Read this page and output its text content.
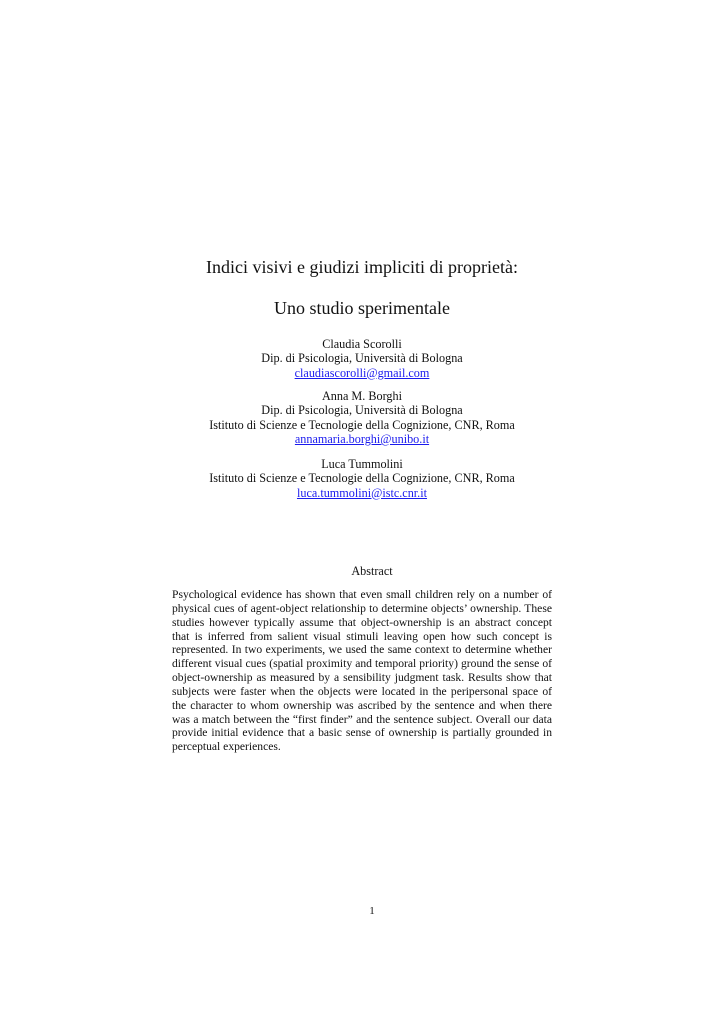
Indici visivi e giudizi impliciti di proprietà:
Uno studio sperimentale
Claudia Scorolli
Dip. di Psicologia, Università di Bologna
claudiascorolli@gmail.com
Anna M. Borghi
Dip. di Psicologia, Università di Bologna
Istituto di Scienze e Tecnologie della Cognizione, CNR, Roma
annamaria.borghi@unibo.it
Luca Tummolini
Istituto di Scienze e Tecnologie della Cognizione, CNR, Roma
luca.tummolini@istc.cnr.it
Abstract

Psychological evidence has shown that even small children rely on a number of physical cues of agent-object relationship to determine objects’ ownership. These studies however typically assume that object-ownership is an abstract concept that is inferred from salient visual stimuli leaving open how such concept is represented. In two experiments, we used the same context to determine whether different visual cues (spatial proximity and temporal priority) ground the sense of object-ownership as measured by a sensibility judgment task. Results show that subjects were faster when the objects were located in the peripersonal space of the character to whom ownership was ascribed by the sentence and when there was a match between the “first finder” and the sentence subject. Overall our data provide initial evidence that a basic sense of ownership is partially grounded in perceptual experiences.

1
